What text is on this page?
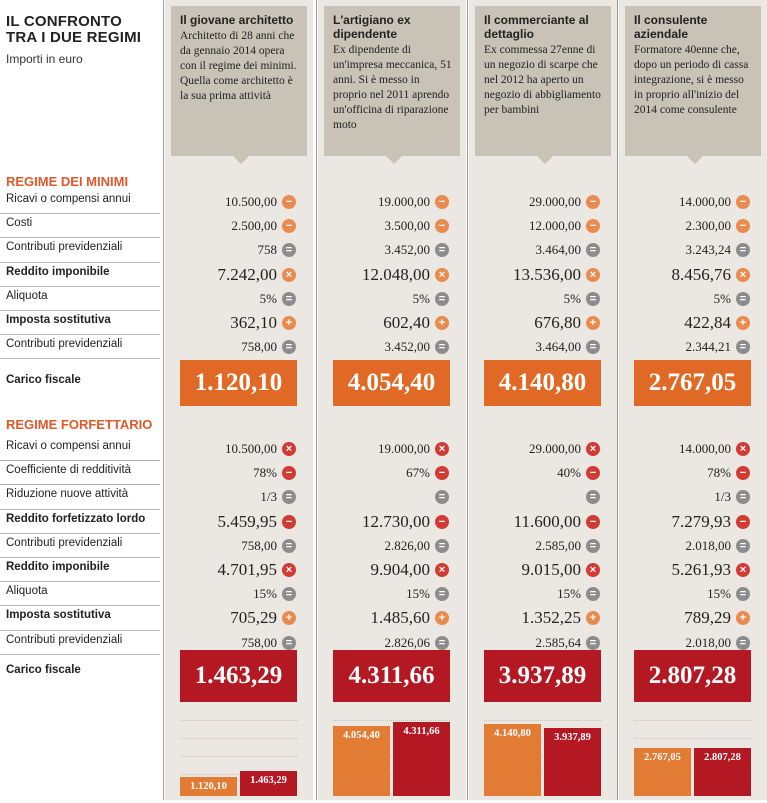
IL CONFRONTO TRA I DUE REGIMI
Importi in euro
Il giovane architetto
Architetto di 28 anni che da gennaio 2014 opera con il regime dei minimi. Quella come architetto è la sua prima attività
L'artigiano ex dipendente
Ex dipendente di un'impresa meccanica, 51 anni. Si è messo in proprio nel 2011 aprendo un'officina di riparazione moto
Il commerciante al dettaglio
Ex commessa 27enne di un negozio di scarpe che nel 2012 ha aperto un negozio di abbigliamento per bambini
Il consulente aziendale
Formatore 40enne che, dopo un periodo di cassa integrazione, si è messo in proprio all'inizio del 2014 come consulente
REGIME DEI MINIMI
Ricavi o compensi annui	10.500,00 −	19.000,00 −	29.000,00 −	14.000,00 −
Costi	2.500,00 −	3.500,00 −	12.000,00 −	2.300,00 −
Contributi previdenziali	758 =	3.452,00 =	3.464,00 =	3.243,24 =
Reddito imponibile	7.242,00 ×	12.048,00 ×	13.536,00 ×	8.456,76 ×
Aliquota	5% =	5% =	5% =	5% =
Imposta sostitutiva	362,10 +	602,40 +	676,80 +	422,84 +
Contributi previdenziali	758,00 =	3.452,00 =	3.464,00 =	2.344,21 =
Carico fiscale	1.120,10	4.054,40	4.140,80	2.767,05
REGIME FORFETTARIO
Ricavi o compensi annui	10.500,00 ×	19.000,00 ×	29.000,00 ×	14.000,00 ×
Coefficiente di redditività	78% −	67% −	40% −	78% −
Riduzione nuove attività	1/3 =	=	=	1/3 =
Reddito forfetizzato lordo	5.459,95 −	12.730,00 −	11.600,00 −	7.279,93 −
Contributi previdenziali	758,00 =	2.826,00 =	2.585,00 =	2.018,00 =
Reddito imponibile	4.701,95 ×	9.904,00 ×	9.015,00 ×	5.261,93 ×
Aliquota	15% =	15% =	15% =	15% =
Imposta sostitutiva	705,29 +	1.485,60 +	1.352,25 +	789,29 +
Contributi previdenziali	758,00 =	2.826,06 =	2.585,64 =	2.018,00 =
Carico fiscale	1.463,29	4.311,66	3.937,89	2.807,28
1.120,10
4.054,40	4.140,80
2.767,05
1.463,29
4.311,66
3.937,89
2.807,28
